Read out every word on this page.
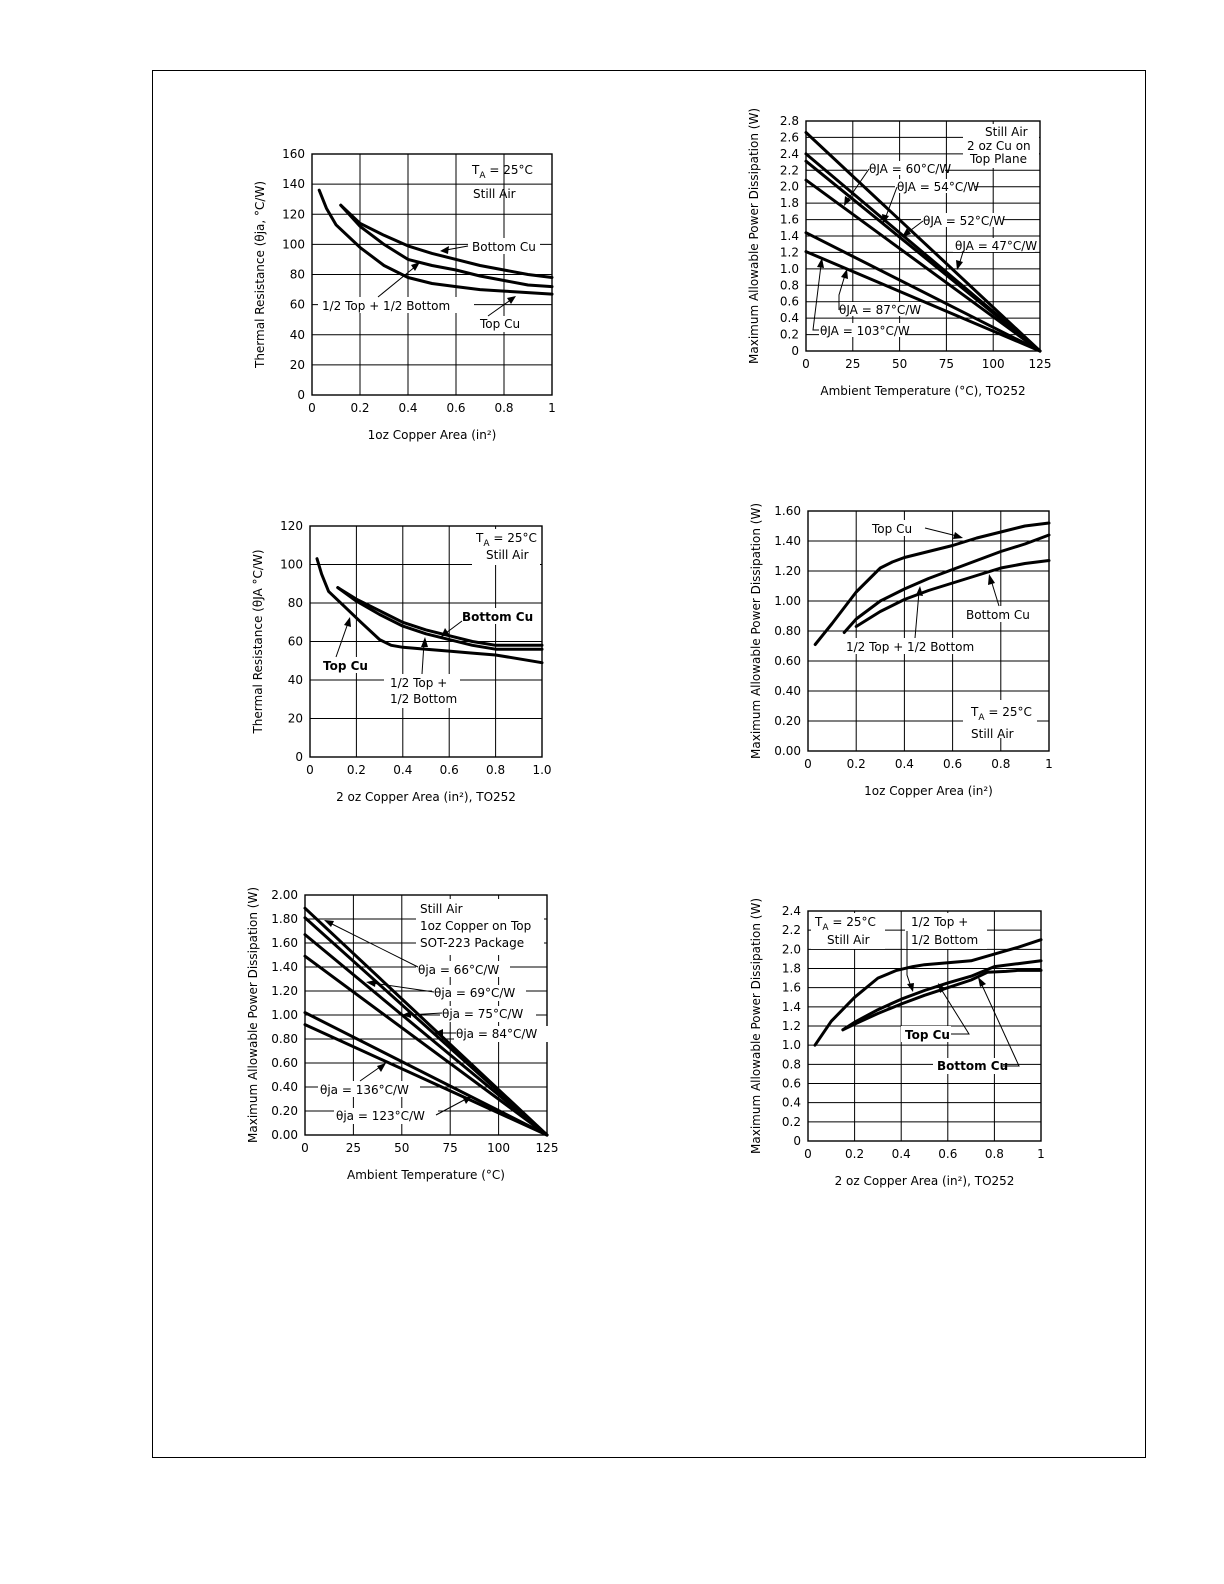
0	0.2 0.4 0.6 0.8	1
0
20
40
60
80
100
120
140
160
1oz Copper Area (in²)
Thermal Resistance (θja, °C/W)
$T_A = 25^\circ C$
Still Air
Bottom Cu
1/2 Top + 1/2 Bottom
Top Cu
0	25	50	75 100 125
0
0.2
0.4
0.6
0.8
1.0
1.2
1.4
1.6
1.8
2.0
2.2
2.4
2.6
2.8
Ambient Temperature (°C), TO252
Maximum Allowable Power Dissipation (W)	Still Air
2 oz Cu on
Top Plane
θJA = 60°C/W
θJA = 54°C/W
θJA = 52°C/W
θJA = 47°C/W
θJA = 87°C/W
θJA = 103°C/W
0	0.2 0.4 0.6 0.8 1.0
0
20
40
60
80
100
120
2 oz Copper Area (in²), TO252
Thermal Resistance (θJA °C/W)
$T_A = 25^\circ C$
Still Air
Bottom Cu
Top Cu
1/2 Top +
1/2 Bottom
0	0.2 0.4 0.6 0.8	1
0.00
0.20
0.40
0.60
0.80
1.00
1.20
1.40
1.60
1oz Copper Area (in²)
Maximum Allowable Power Dissipation (W)	Top Cu
Bottom Cu
1/2 Top + 1/2 Bottom
$T_A = 25^\circ C$
Still Air
0	25	50	75 100 125
0.00
0.20
0.40
0.60
0.80
1.00
1.20
1.40
1.60
1.80
2.00
Ambient Temperature (°C)
Maximum Allowable Power Dissipation (W)	Still Air
1oz Copper on Top
SOT-223 Package
θja = 66°C/W
θja = 69°C/W
θja = 75°C/W
θja = 84°C/W
θja = 136°C/W
θja = 123°C/W
0	0.2 0.4 0.6 0.8	1
0
0.2
0.4
0.6
0.8
1.0
1.2
1.4
1.6
1.8
2.0
2.2
2.4
2 oz Copper Area (in²), TO252
Maximum Allowable Power Dissipation (W)	$T_A = 25^\circ C$
Still Air
1/2 Top +
1/2 Bottom
Top Cu
Bottom Cu
